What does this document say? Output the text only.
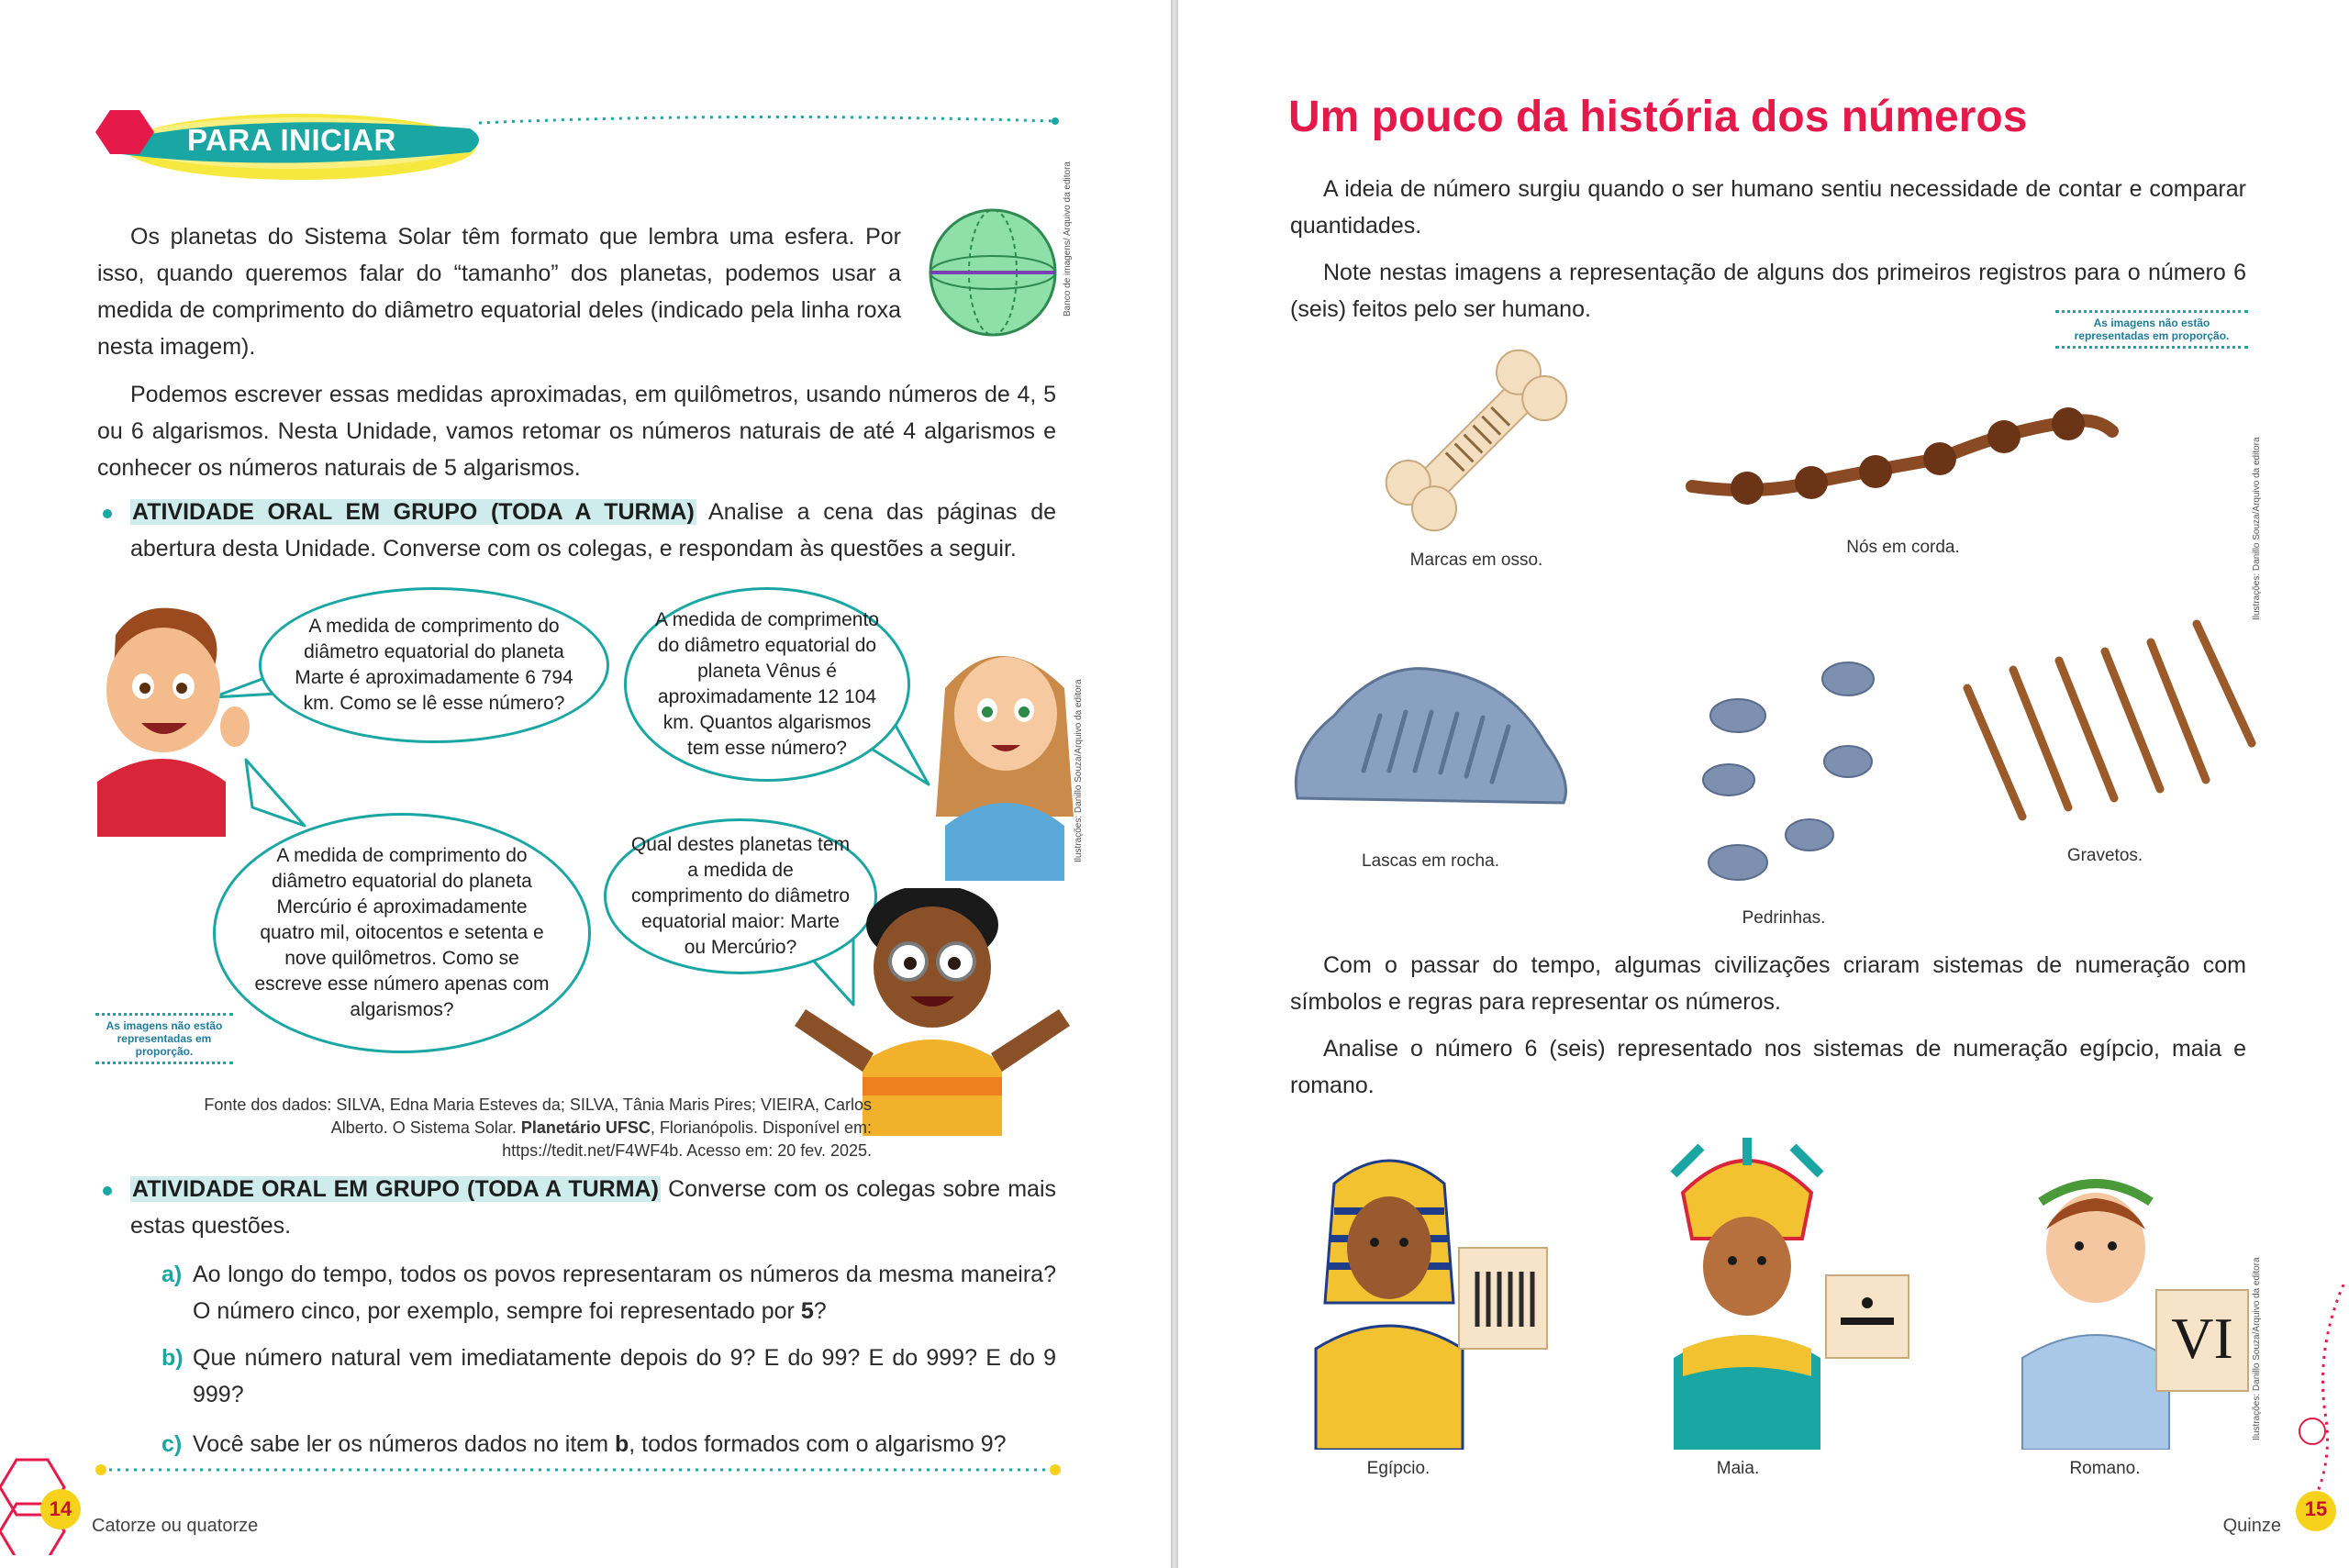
PARA INICIAR

Os planetas do Sistema Solar têm formato que lembra uma esfera. Por isso, quando queremos falar do “tamanho” dos planetas, podemos usar a medida de comprimento do diâmetro equatorial deles (indicado pela linha roxa nesta imagem).

Banco de imagens/ Arquivo da editora

Podemos escrever essas medidas aproximadas, em quilômetros, usando números de 4, 5 ou 6 algarismos. Nesta Unidade, vamos retomar os números naturais de até 4 algarismos e conhecer os números naturais de 5 algarismos.

ATIVIDADE ORAL EM GRUPO (TODA A TURMA) Analise a cena das páginas de abertura desta Unidade. Converse com os colegas, e respondam às questões a seguir.

A medida de comprimento do diâmetro equatorial do planeta Marte é aproximadamente 6 794 km. Como se lê esse número?
A medida de comprimento do diâmetro equatorial do planeta Vênus é aproximadamente 12 104 km. Quantos algarismos tem esse número?
A medida de comprimento do diâmetro equatorial do planeta Mercúrio é aproximadamente quatro mil, oitocentos e setenta e nove quilômetros. Como se escreve esse número apenas com algarismos?
Qual destes planetas tem a medida de comprimento do diâmetro equatorial maior: Marte ou Mercúrio?
Ilustrações: Danillo Souza/Arquivo da editora
As imagens não estão representadas em proporção.
Fonte dos dados: SILVA, Edna Maria Esteves da; SILVA, Tânia Maris Pires; VIEIRA, Carlos Alberto. O Sistema Solar. Planetário UFSC, Florianópolis. Disponível em: https://tedit.net/F4WF4b. Acesso em: 20 fev. 2025.

ATIVIDADE ORAL EM GRUPO (TODA A TURMA) Converse com os colegas sobre mais estas questões.

a) Ao longo do tempo, todos os povos representaram os números da mesma maneira? O número cinco, por exemplo, sempre foi representado por 5?

b) Que número natural vem imediatamente depois do 9? E do 99? E do 999? E do 9 999?

c) Você sabe ler os números dados no item b, todos formados com o algarismo 9?

14
Catorze ou quatorze
Um pouco da história dos números

A ideia de número surgiu quando o ser humano sentiu necessidade de contar e comparar quantidades.

Note nestas imagens a representação de alguns dos primeiros registros para o número 6 (seis) feitos pelo ser humano.

As imagens não estão representadas em proporção.
Marcas em osso.
Nós em corda.
Lascas em rocha.
Pedrinhas.
Gravetos.
Ilustrações: Danillo Souza/Arquivo da editora

Com o passar do tempo, algumas civilizações criaram sistemas de numeração com símbolos e regras para representar os números.

Analise o número 6 (seis) representado nos sistemas de numeração egípcio, maia e romano.

Egípcio.	Maia.
VI
Romano.
Ilustrações: Danillo Souza/Arquivo da editora
15
Quinze
